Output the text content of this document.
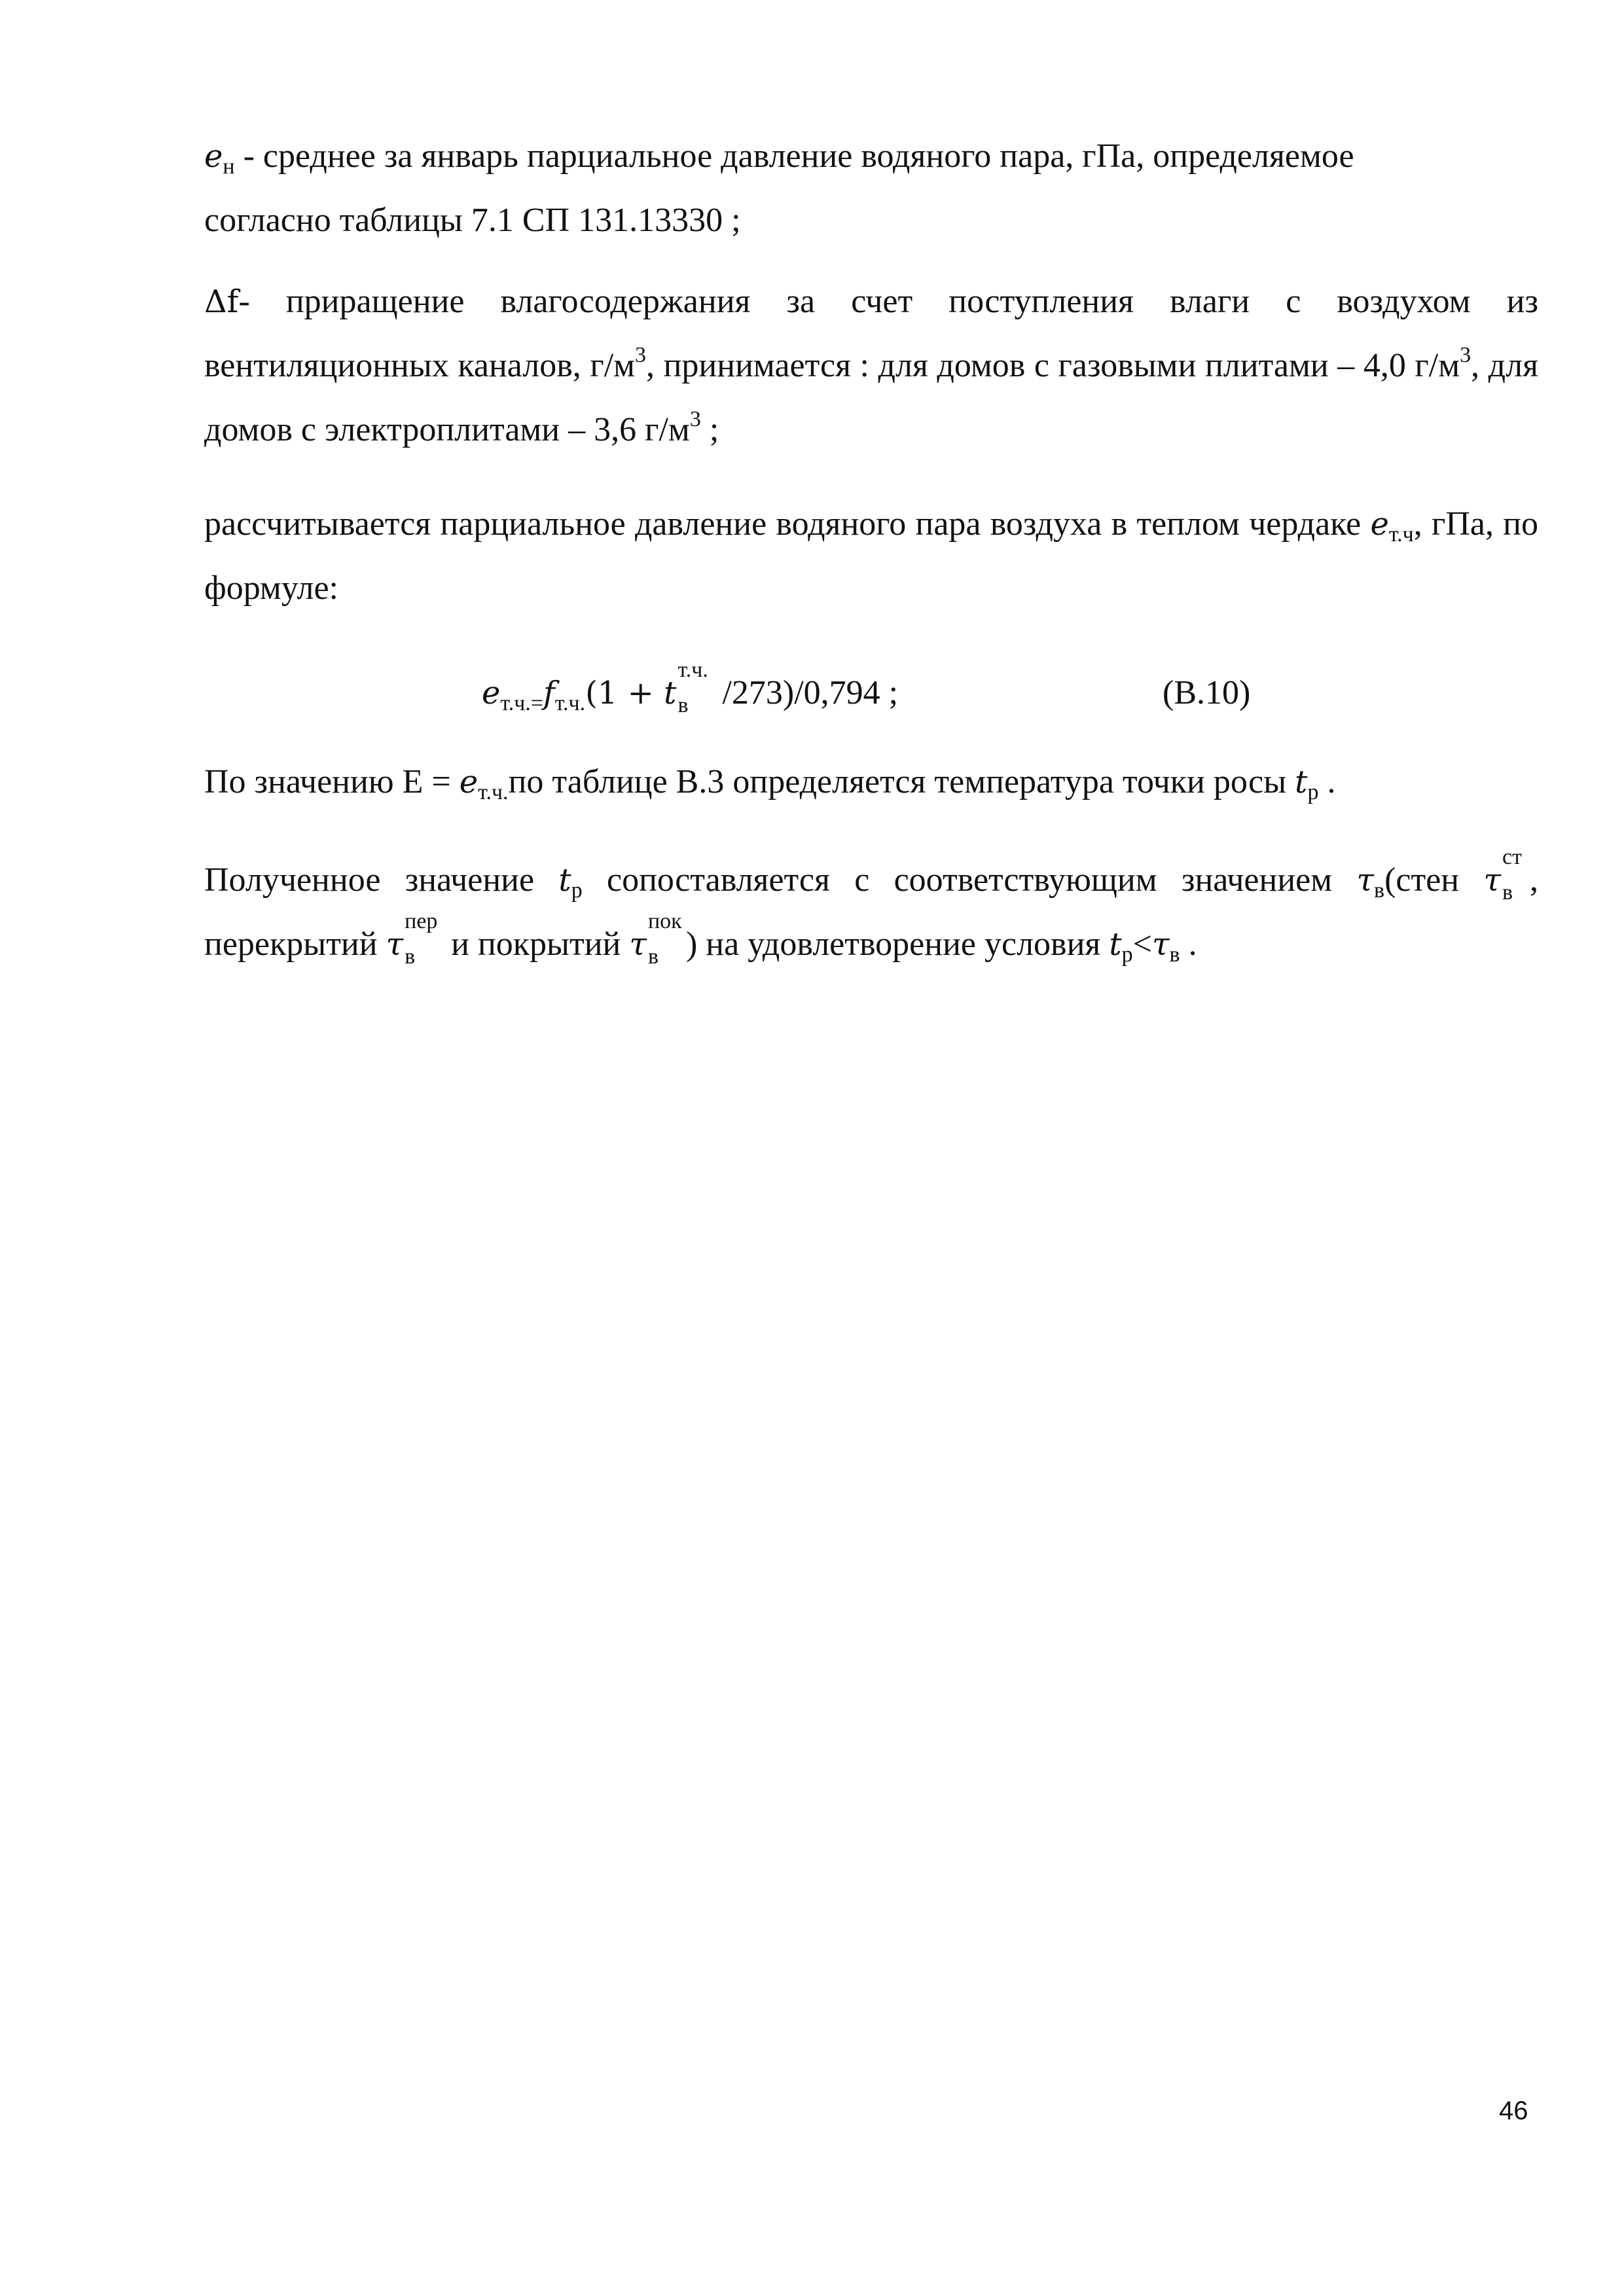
$e_н$ - среднее за январь парциальное давление водяного пара, гПа, определяемое
согласно таблицы 7.1 СП 131.13330 ;

Δf- приращение влагосодержания за счет поступления влаги с воздухом из вентиляционных каналов, $г/м^3$, принимается : для домов с газовыми плитами – 4,0 $г/м^3$, для домов с электроплитами – 3,6 $г/м^3$ ;

рассчитывается парциальное давление водяного пара воздуха в теплом чердаке $e_{т.ч}$, гПа, по формуле:

$e_{т.ч.=}f_{т.ч.}(1 + t$
т.ч.
в /273)/0,794 ;	(В.10)

По значению $Е = e_{т.ч.}по$ таблице В.3 определяется температура точки росы $t_р$ .

Полученное значение $t_р$ сопоставляется с соответствующим значением $\tau_в(стен$ τ
ст
в , перекрытий τ
пер
в и покрытий τ
пок
в ) на удовлетворение условия $t_р<\tau_в$ .

46
